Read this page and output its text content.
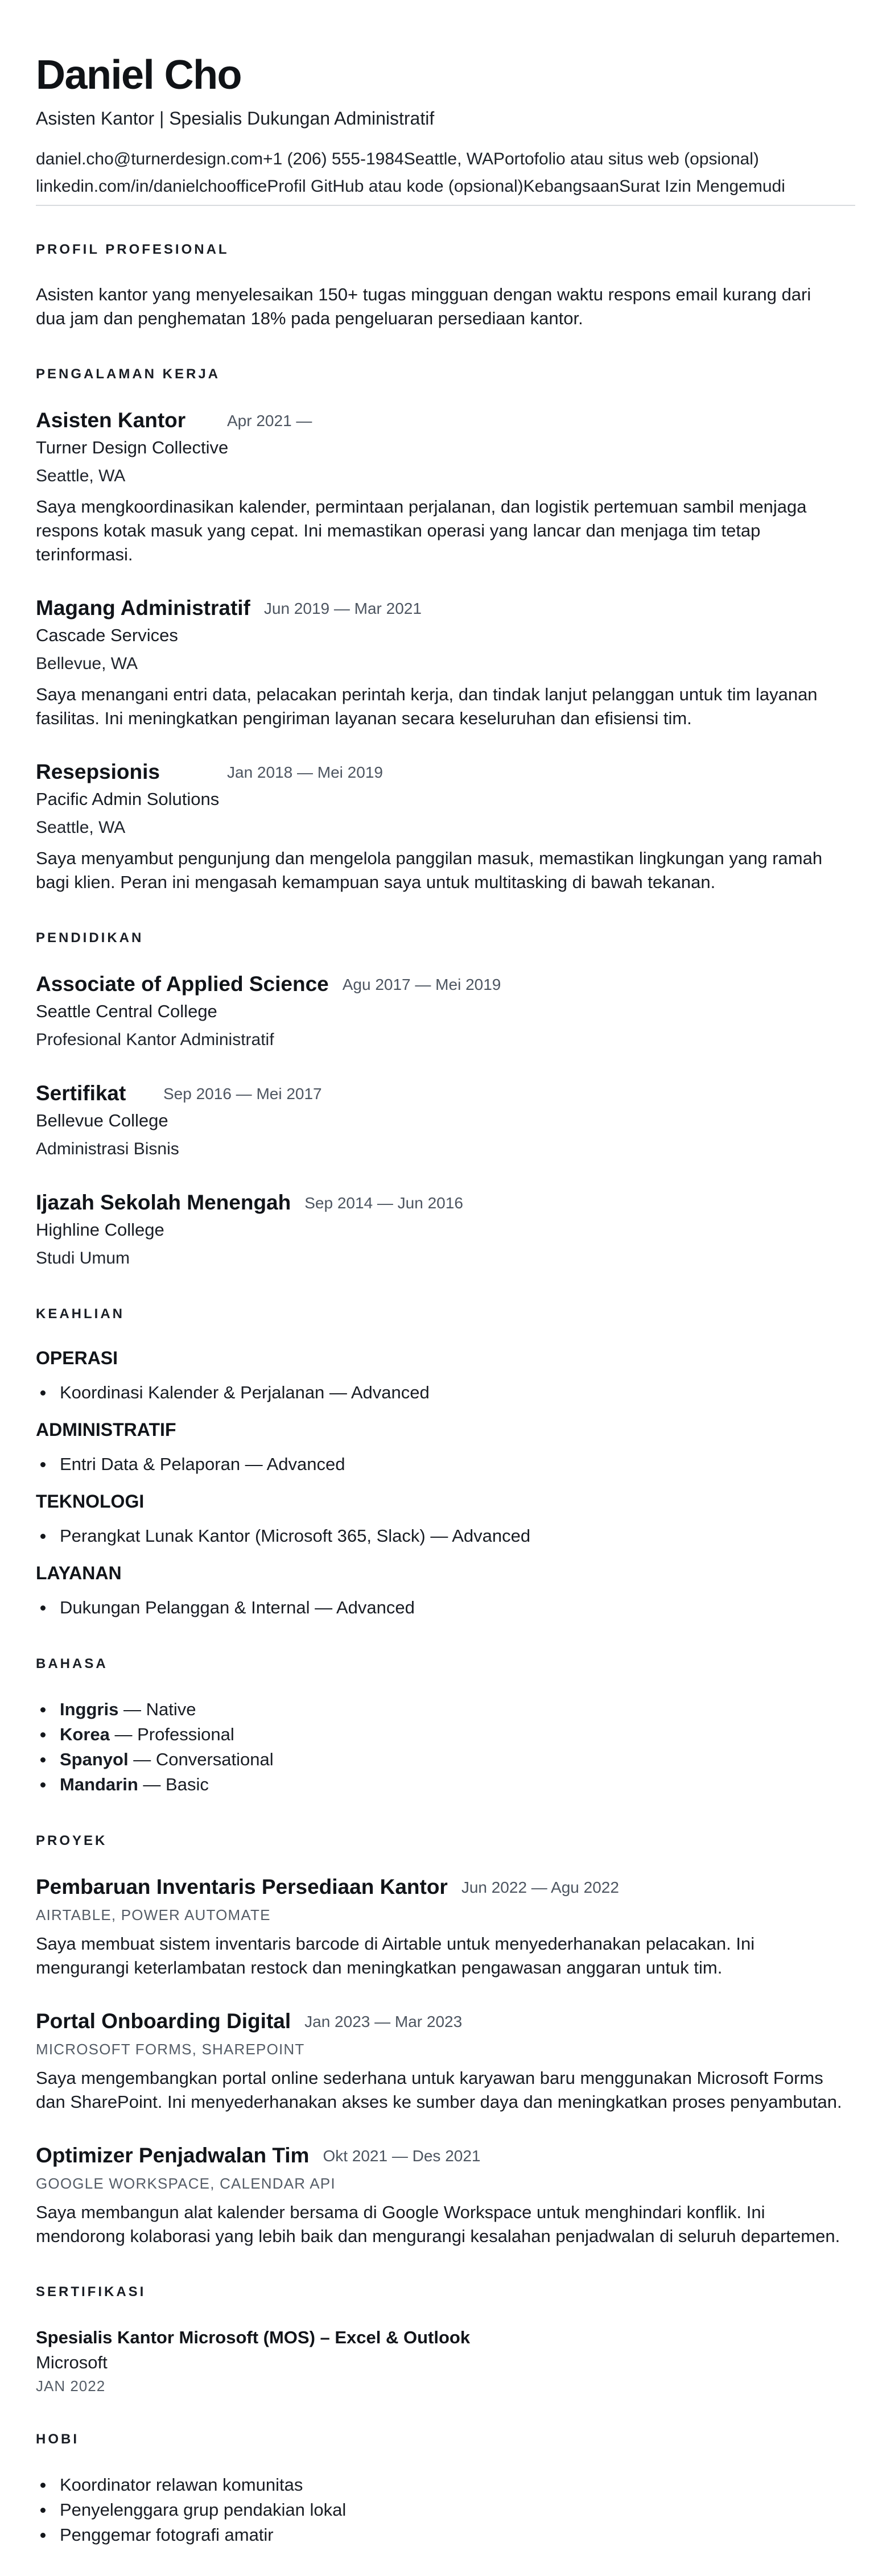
Daniel Cho
Asisten Kantor | Spesialis Dukungan Administratif
daniel.cho@turnerdesign.com+1 (206) 555-1984Seattle, WAPortofolio atau situs web (opsional)
linkedin.com/in/danielchoofficeProfil GitHub atau kode (opsional)KebangsaanSurat Izin Mengemudi
PROFIL PROFESIONAL
Asisten kantor yang menyelesaikan 150+ tugas mingguan dengan waktu respons email kurang dari dua jam dan penghematan 18% pada pengeluaran persediaan kantor.
PENGALAMAN KERJA
Asisten Kantor	Apr 2021 —
Turner Design Collective
Seattle, WA
Saya mengkoordinasikan kalender, permintaan perjalanan, dan logistik pertemuan sambil menjaga respons kotak masuk yang cepat. Ini memastikan operasi yang lancar dan menjaga tim tetap terinformasi.
Magang Administratif Jun 2019 — Mar 2021
Cascade Services
Bellevue, WA
Saya menangani entri data, pelacakan perintah kerja, dan tindak lanjut pelanggan untuk tim layanan fasilitas. Ini meningkatkan pengiriman layanan secara keseluruhan dan efisiensi tim.
Resepsionis	Jan 2018 — Mei 2019
Pacific Admin Solutions
Seattle, WA
Saya menyambut pengunjung dan mengelola panggilan masuk, memastikan lingkungan yang ramah bagi klien. Peran ini mengasah kemampuan saya untuk multitasking di bawah tekanan.
PENDIDIKAN
Associate of Applied Science Agu 2017 — Mei 2019
Seattle Central College
Profesional Kantor Administratif
Sertifikat	Sep 2016 — Mei 2017
Bellevue College
Administrasi Bisnis
Ijazah Sekolah Menengah Sep 2014 — Jun 2016
Highline College
Studi Umum
KEAHLIAN
OPERASI
Koordinasi Kalender & Perjalanan — Advanced
ADMINISTRATIF
Entri Data & Pelaporan — Advanced
TEKNOLOGI
Perangkat Lunak Kantor (Microsoft 365, Slack) — Advanced
LAYANAN
Dukungan Pelanggan & Internal — Advanced
BAHASA
Inggris — Native
Korea — Professional
Spanyol — Conversational
Mandarin — Basic
PROYEK
Pembaruan Inventaris Persediaan Kantor Jun 2022 — Agu 2022
AIRTABLE, POWER AUTOMATE
Saya membuat sistem inventaris barcode di Airtable untuk menyederhanakan pelacakan. Ini mengurangi keterlambatan restock dan meningkatkan pengawasan anggaran untuk tim.
Portal Onboarding Digital Jan 2023 — Mar 2023
MICROSOFT FORMS, SHAREPOINT
Saya mengembangkan portal online sederhana untuk karyawan baru menggunakan Microsoft Forms dan SharePoint. Ini menyederhanakan akses ke sumber daya dan meningkatkan proses penyambutan.
Optimizer Penjadwalan Tim Okt 2021 — Des 2021
GOOGLE WORKSPACE, CALENDAR API
Saya membangun alat kalender bersama di Google Workspace untuk menghindari konflik. Ini mendorong kolaborasi yang lebih baik dan mengurangi kesalahan penjadwalan di seluruh departemen.
SERTIFIKASI
Spesialis Kantor Microsoft (MOS) – Excel & Outlook
Microsoft
JAN 2022
HOBI
Koordinator relawan komunitas
Penyelenggara grup pendakian lokal
Penggemar fotografi amatir
